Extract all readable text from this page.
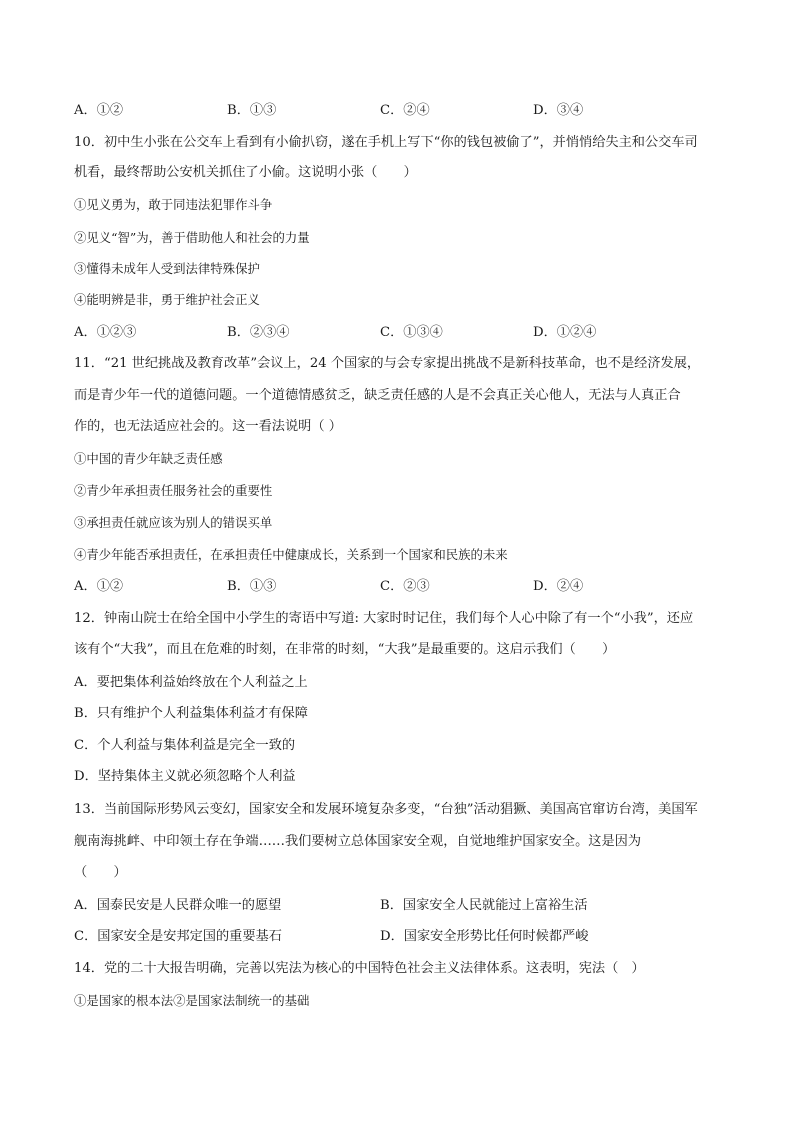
A．①②	B．①③	C．②④	D．③④
10．初中生小张在公交车上看到有小偷扒窃，遂在手机上写下“你的钱包被偷了”，并悄悄给失主和公交车司
机看，最终帮助公安机关抓住了小偷。这说明小张（　　）
①见义勇为，敢于同违法犯罪作斗争
②见义“智”为，善于借助他人和社会的力量
③懂得未成年人受到法律特殊保护
④能明辨是非，勇于维护社会正义
A．①②③	B．②③④	C．①③④	D．①②④
11．“21 世纪挑战及教育改革”会议上，24 个国家的与会专家提出挑战不是新科技革命，也不是经济发展，
而是青少年一代的道德问题。一个道德情感贫乏，缺乏责任感的人是不会真正关心他人，无法与人真正合
作的，也无法适应社会的。这一看法说明（ ）
①中国的青少年缺乏责任感
②青少年承担责任服务社会的重要性
③承担责任就应该为别人的错误买单
④青少年能否承担责任，在承担责任中健康成长，关系到一个国家和民族的未来
A．①②	B．①③	C．②③	D．②④
12．钟南山院士在给全国中小学生的寄语中写道: 大家时时记住，我们每个人心中除了有一个“小我”，还应
该有个“大我”，而且在危难的时刻，在非常的时刻，“大我”是最重要的。这启示我们（　　）
A．要把集体利益始终放在个人利益之上
B．只有维护个人利益集体利益才有保障
C．个人利益与集体利益是完全一致的
D．坚持集体主义就必须忽略个人利益
13．当前国际形势风云变幻，国家安全和发展环境复杂多变，“台独”活动猖獗、美国高官窜访台湾，美国军
舰南海挑衅、中印领土存在争端……我们要树立总体国家安全观，自觉地维护国家安全。这是因为
（　　）
A．国泰民安是人民群众唯一的愿望	B．国家安全人民就能过上富裕生活
C．国家安全是安邦定国的重要基石	D．国家安全形势比任何时候都严峻
14．党的二十大报告明确，完善以宪法为核心的中国特色社会主义法律体系。这表明，宪法（　）
①是国家的根本法②是国家法制统一的基础
